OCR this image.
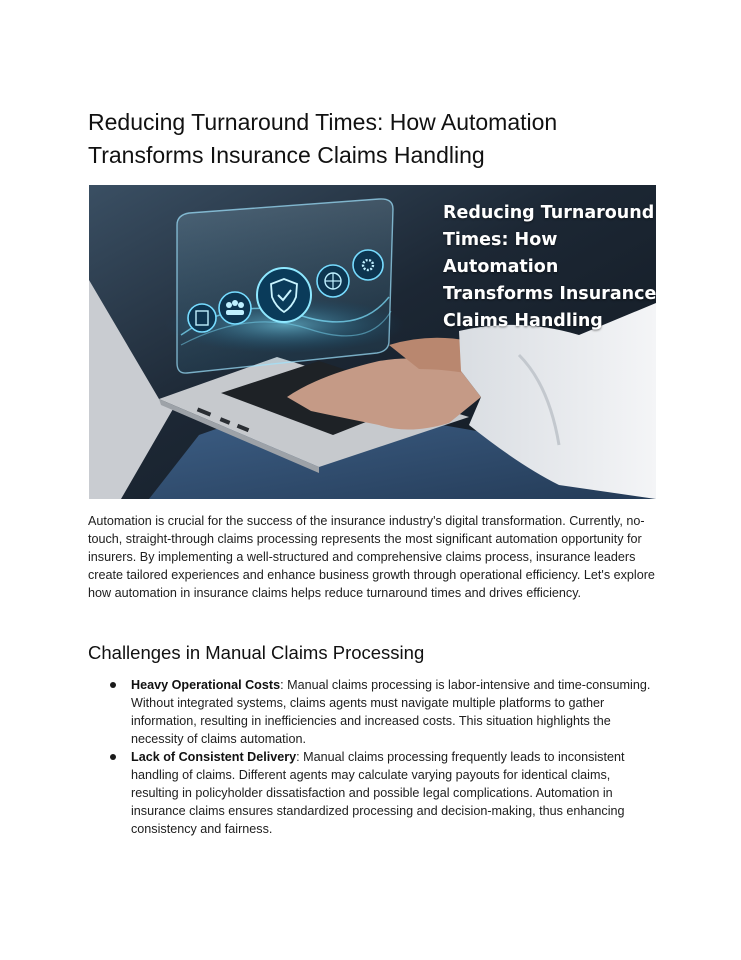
Reducing Turnaround Times: How Automation Transforms Insurance Claims Handling

Reducing Turnaround Times: How Automation Transforms Insurance Claims Handling

Automation is crucial for the success of the insurance industry's digital transformation. Currently, no-touch, straight-through claims processing represents the most significant automation opportunity for insurers. By implementing a well-structured and comprehensive claims process, insurance leaders create tailored experiences and enhance business growth through operational efficiency. Let's explore how automation in insurance claims helps reduce turnaround times and drives efficiency.

Challenges in Manual Claims Processing
Heavy Operational Costs: Manual claims processing is labor-intensive and time-consuming. Without integrated systems, claims agents must navigate multiple platforms to gather information, resulting in inefficiencies and increased costs. This situation highlights the necessity of claims automation.
Lack of Consistent Delivery: Manual claims processing frequently leads to inconsistent handling of claims. Different agents may calculate varying payouts for identical claims, resulting in policyholder dissatisfaction and possible legal complications. Automation in insurance claims ensures standardized processing and decision-making, thus enhancing consistency and fairness.
